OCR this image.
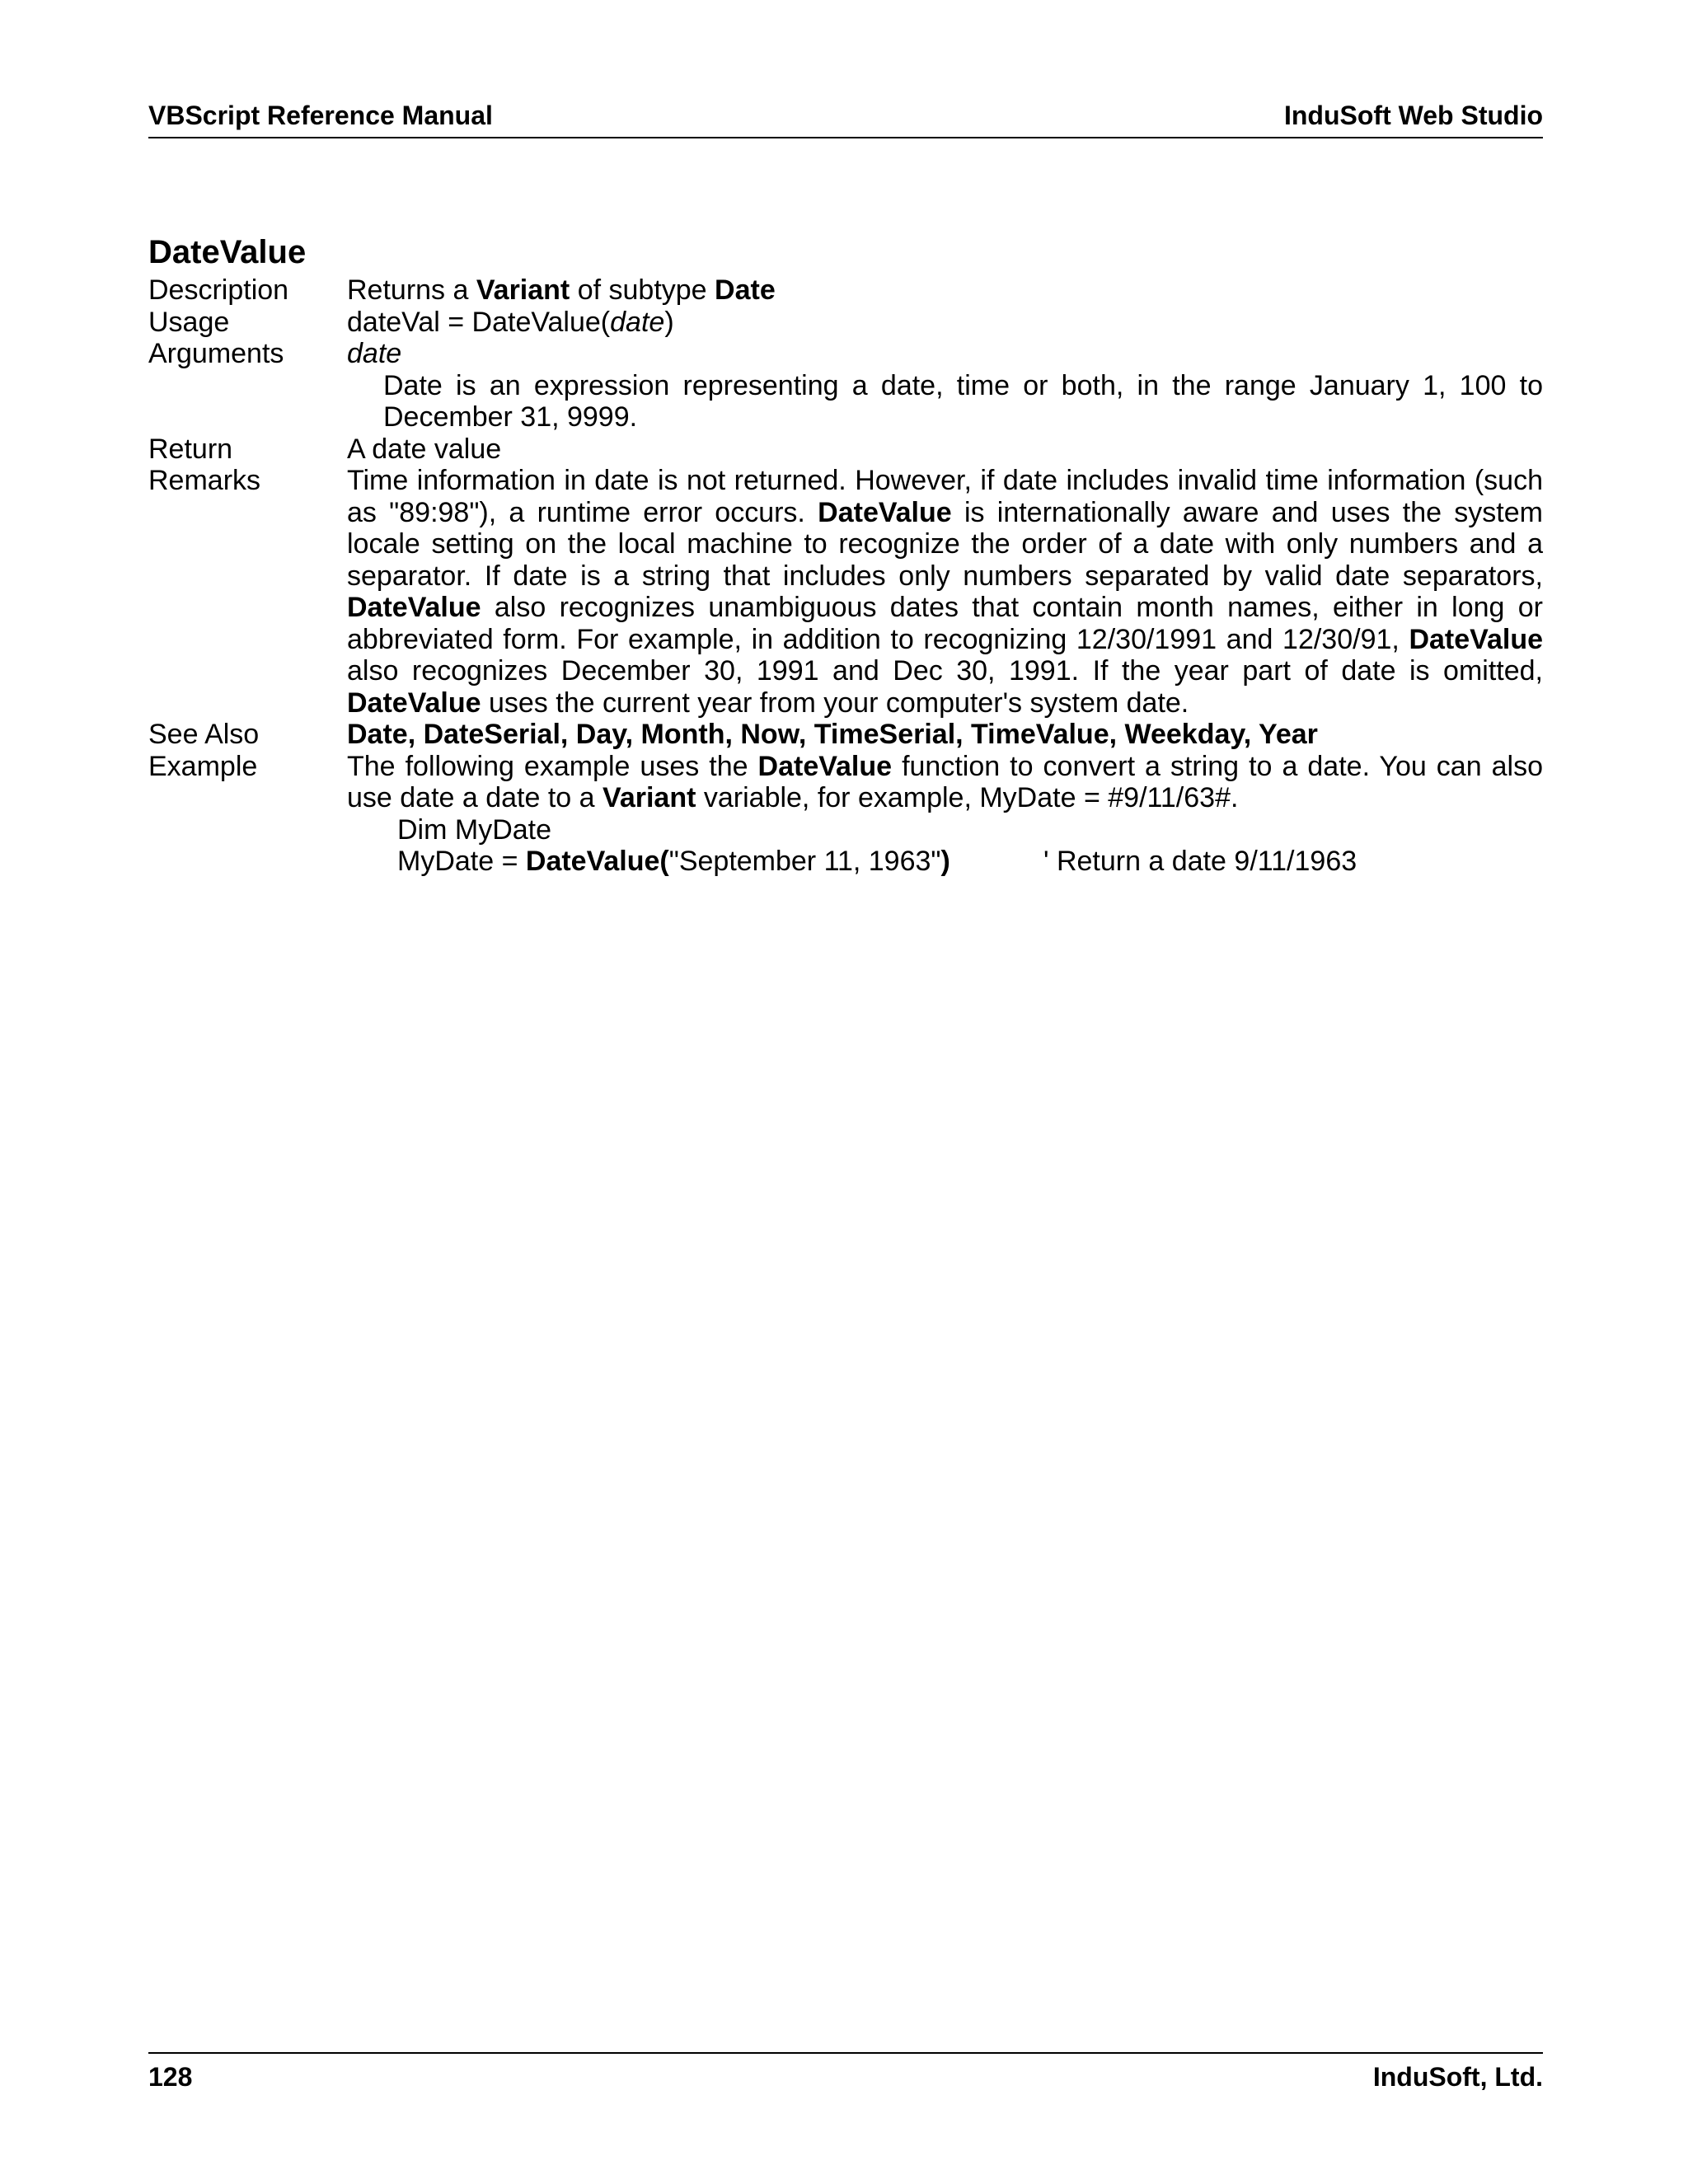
VBScript Reference Manual	InduSoft Web Studio
DateValue
Description	Returns a Variant of subtype Date
Usage	dateVal = DateValue(date)
Arguments	date
Date is an expression representing a date, time or both, in the range January 1, 100 to December 31, 9999.
Return	A date value
Remarks	Time information in date is not returned. However, if date includes invalid time information (such as "89:98"), a runtime error occurs. DateValue is internationally aware and uses the system locale setting on the local machine to recognize the order of a date with only numbers and a separator. If date is a string that includes only numbers separated by valid date separators, DateValue also recognizes unambiguous dates that contain month names, either in long or abbreviated form. For example, in addition to recognizing 12/30/1991 and 12/30/91, DateValue also recognizes December 30, 1991 and Dec 30, 1991. If the year part of date is omitted, DateValue uses the current year from your computer's system date.
See Also	Date, DateSerial, Day, Month, Now, TimeSerial, TimeValue, Weekday, Year
Example	The following example uses the DateValue function to convert a string to a date. You can also use date a date to a Variant variable, for example, MyDate = #9/11/63#.
Dim MyDate
MyDate = DateValue("September 11, 1963")	' Return a date 9/11/1963
128	InduSoft, Ltd.
